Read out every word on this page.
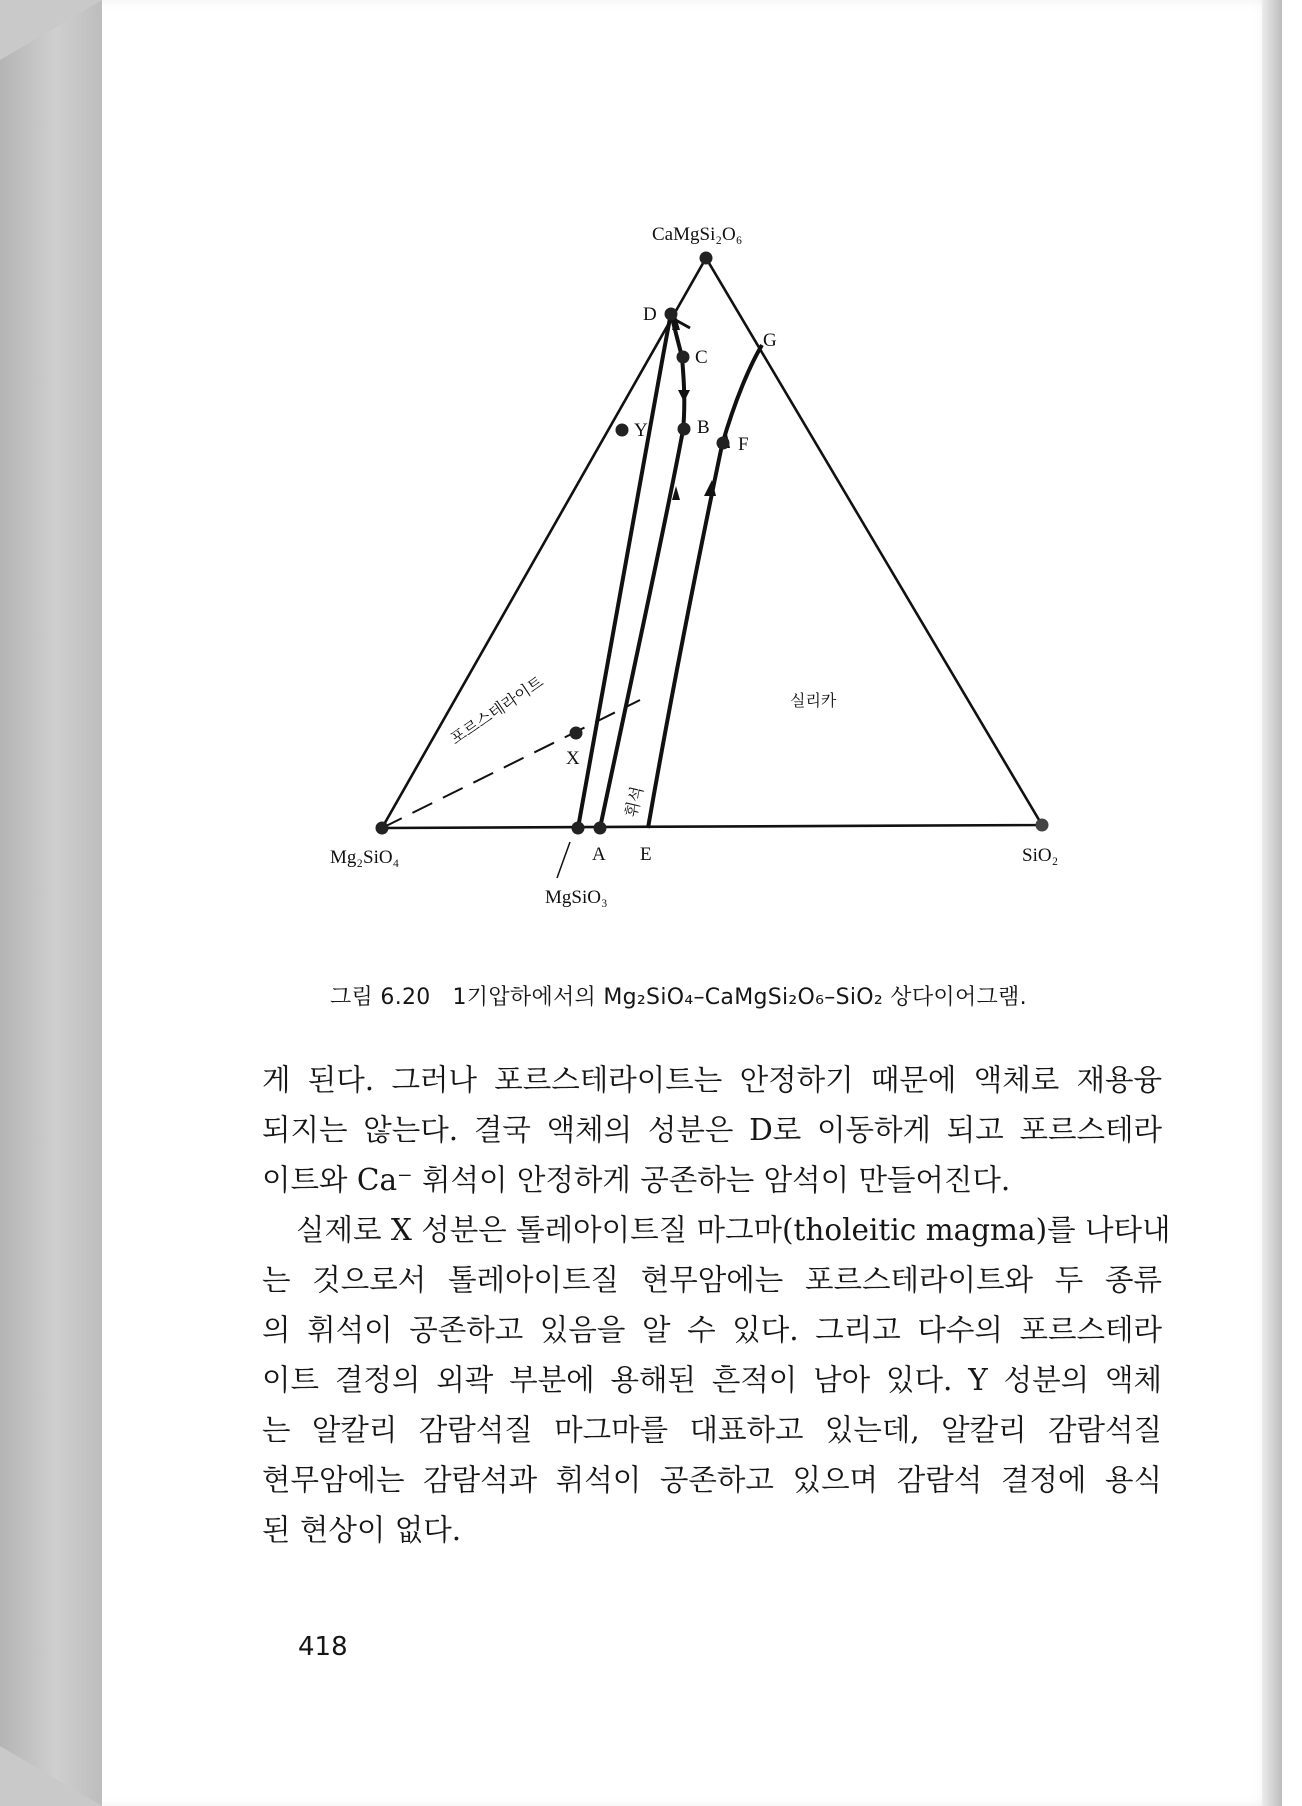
CaMgSi₂O₆
Mg₂SiO₄	SiO₂
MgSiO₃
A E
D
C
B
G
F
Y
X
실리카
포르스테라이트
휘석
그림 6.20 1기압하에서의 Mg₂SiO₄–CaMgSi₂O₆–SiO₂ 상다이어그램.
게 된다. 그러나 포르스테라이트는 안정하기 때문에 액체로 재용융
되지는 않는다. 결국 액체의 성분은 D로 이동하게 되고 포르스테라
이트와 Ca⁻ 휘석이 안정하게 공존하는 암석이 만들어진다.
실제로 X 성분은 톨레아이트질 마그마(tholeitic magma)를 나타내
는 것으로서 톨레아이트질 현무암에는 포르스테라이트와 두 종류
의 휘석이 공존하고 있음을 알 수 있다. 그리고 다수의 포르스테라
이트 결정의 외곽 부분에 용해된 흔적이 남아 있다. Y 성분의 액체
는 알칼리 감람석질 마그마를 대표하고 있는데, 알칼리 감람석질
현무암에는 감람석과 휘석이 공존하고 있으며 감람석 결정에 용식
된 현상이 없다.
418
